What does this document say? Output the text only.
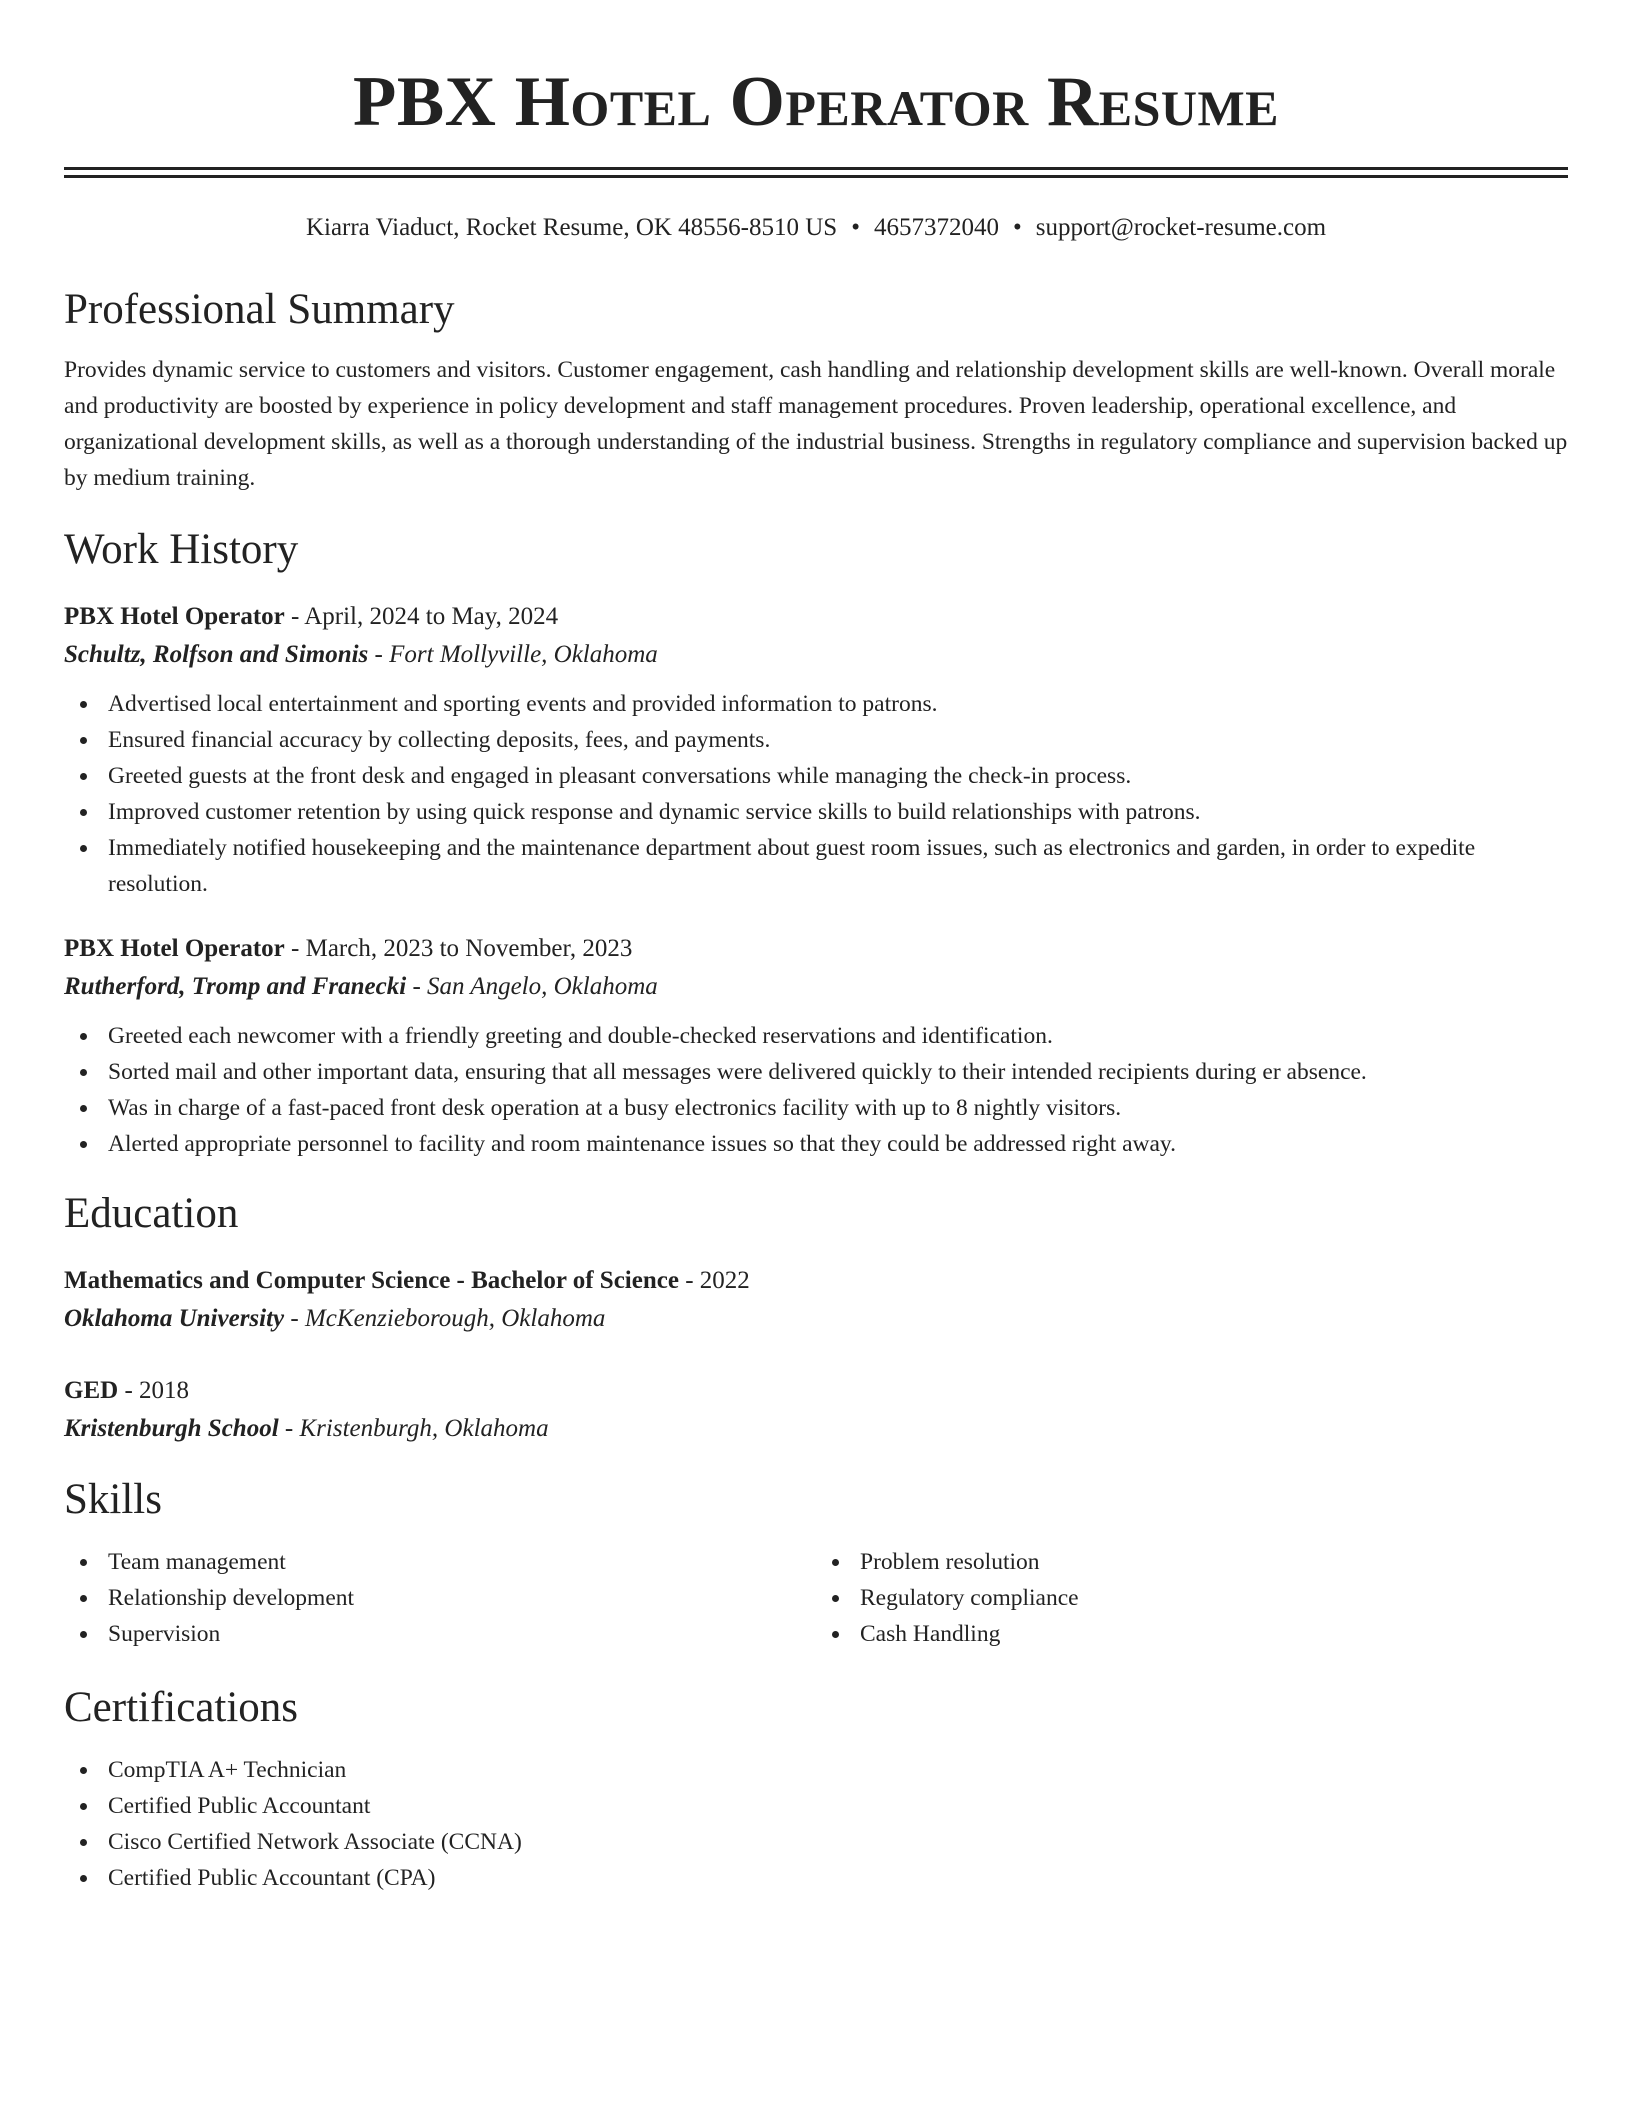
PBX Hotel Operator Resume
Kiarra Viaduct, Rocket Resume, OK 48556-8510 US • 4657372040 • support@rocket-resume.com
Professional Summary

Provides dynamic service to customers and visitors. Customer engagement, cash handling and relationship development skills are well-known. Overall morale and productivity are boosted by experience in policy development and staff management procedures. Proven leadership, operational excellence, and organizational development skills, as well as a thorough understanding of the industrial business. Strengths in regulatory compliance and supervision backed up by medium training.

Work History
PBX Hotel Operator - April, 2024 to May, 2024
Schultz, Rolfson and Simonis - Fort Mollyville, Oklahoma
Advertised local entertainment and sporting events and provided information to patrons.
Ensured financial accuracy by collecting deposits, fees, and payments.
Greeted guests at the front desk and engaged in pleasant conversations while managing the check-in process.
Improved customer retention by using quick response and dynamic service skills to build relationships with patrons.
Immediately notified housekeeping and the maintenance department about guest room issues, such as electronics and garden, in order to expedite resolution.
PBX Hotel Operator - March, 2023 to November, 2023
Rutherford, Tromp and Franecki - San Angelo, Oklahoma
Greeted each newcomer with a friendly greeting and double-checked reservations and identification.
Sorted mail and other important data, ensuring that all messages were delivered quickly to their intended recipients during er absence.
Was in charge of a fast-paced front desk operation at a busy electronics facility with up to 8 nightly visitors.
Alerted appropriate personnel to facility and room maintenance issues so that they could be addressed right away.
Education
Mathematics and Computer Science - Bachelor of Science - 2022
Oklahoma University - McKenzieborough, Oklahoma
GED - 2018
Kristenburgh School - Kristenburgh, Oklahoma
Skills
Team management
Relationship development
Supervision
Problem resolution
Regulatory compliance
Cash Handling
Certifications
CompTIA A+ Technician
Certified Public Accountant
Cisco Certified Network Associate (CCNA)
Certified Public Accountant (CPA)
